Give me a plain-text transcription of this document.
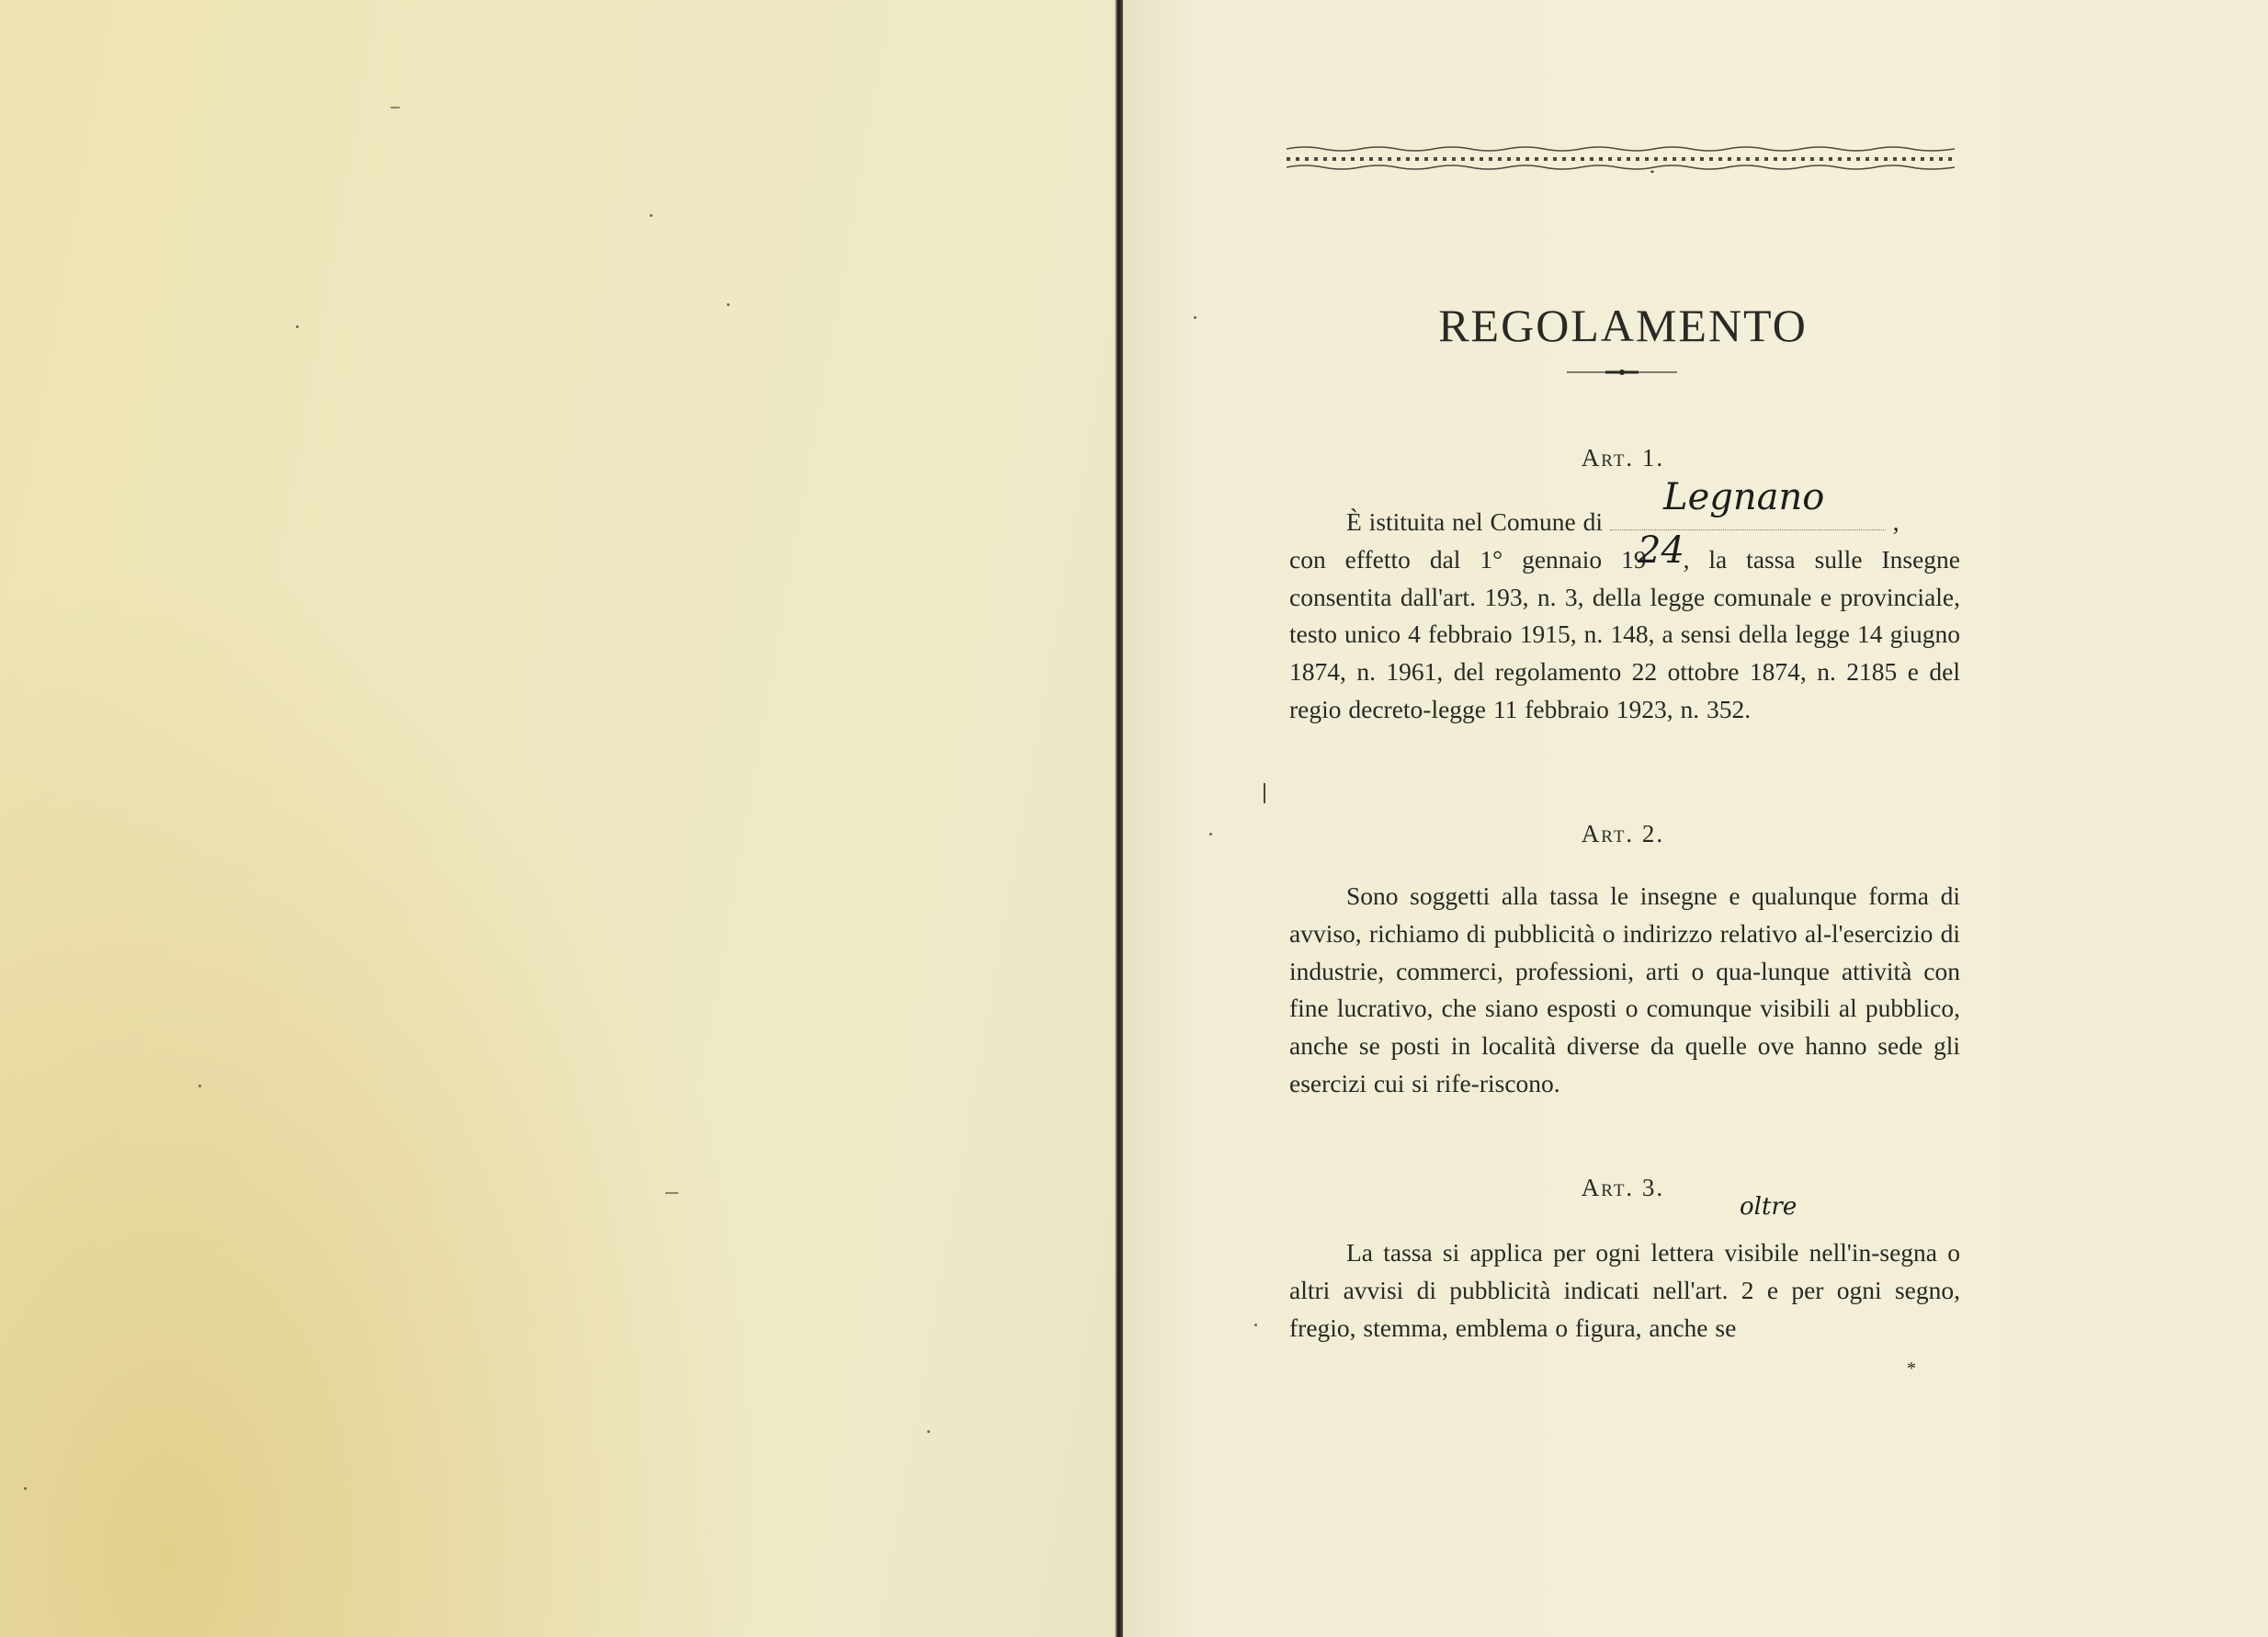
REGOLAMENTO
Art. 1.
È istituita nel Comune di	,
con effetto dal 1° gennaio 19 , la tassa sulle Insegne consentita dall'art. 193, n. 3, della legge comunale e provinciale, testo unico 4 febbraio 1915, n. 148, a sensi della legge 14 giugno 1874, n. 1961, del regolamento 22 ottobre 1874, n. 2185 e del regio decreto-legge 11 febbraio 1923, n. 352.
Legnano
24
Art. 2.
Sono soggetti alla tassa le insegne e qualunque forma di avviso, richiamo di pubblicità o indirizzo relativo al-l'esercizio di industrie, commerci, professioni, arti o qua-lunque attività con fine lucrativo, che siano esposti o comunque visibili al pubblico, anche se posti in località diverse da quelle ove hanno sede gli esercizi cui si rife-riscono.
Art. 3.
oltre
La tassa si applica per ogni lettera visibile nell'in-segna o altri avvisi di pubblicità indicati nell'art. 2 e per ogni segno, fregio, stemma, emblema o figura, anche se
*
